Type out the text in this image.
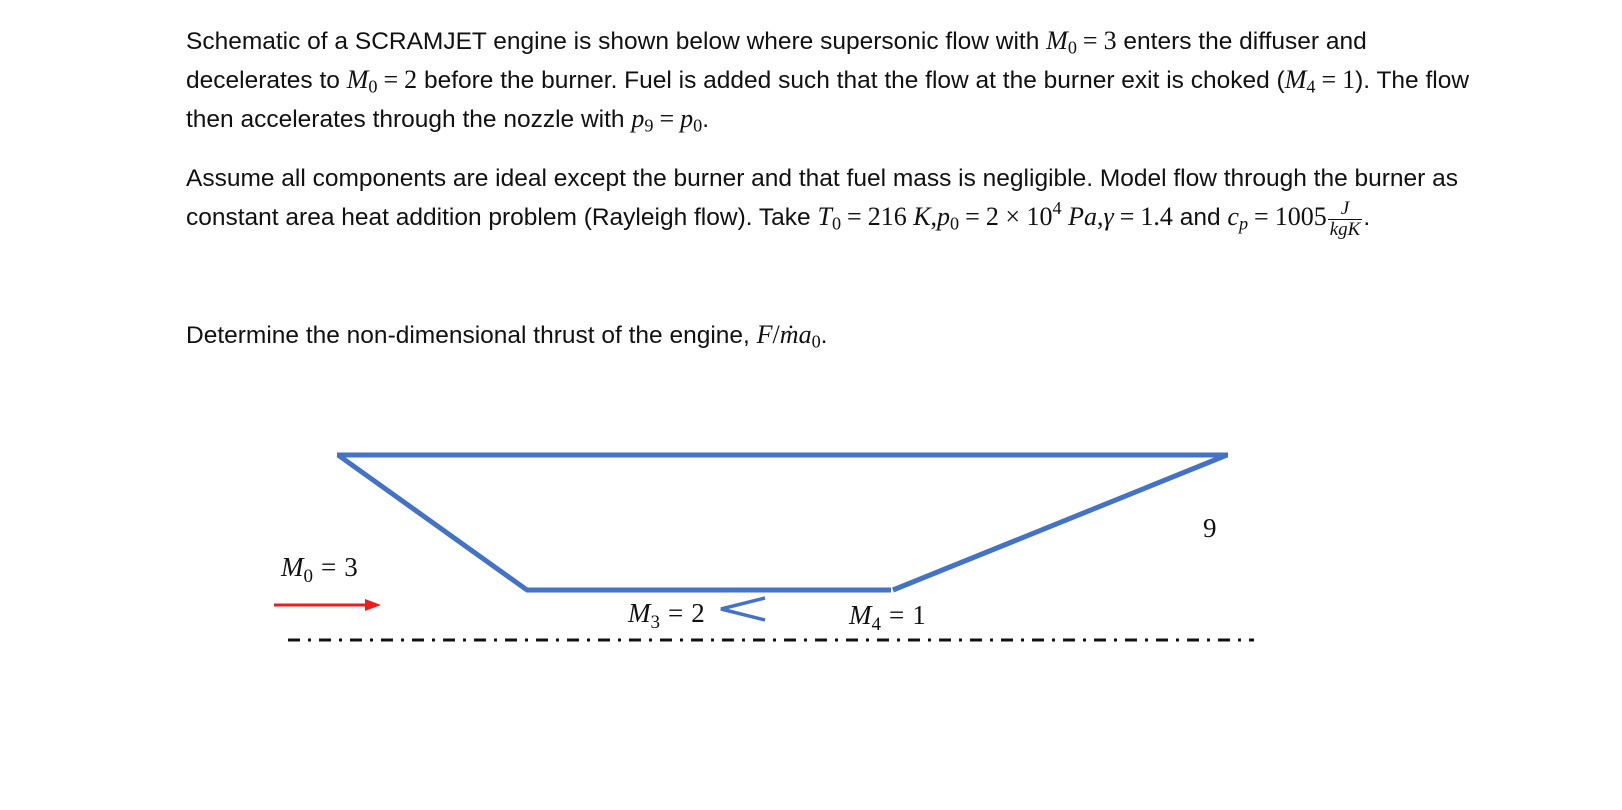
Schematic of a SCRAMJET engine is shown below where supersonic flow with $M_0 = 3$ enters the diffuser and decelerates to $M_0 = 2$ before the burner. Fuel is added such that the flow at the burner exit is choked $(M_4 = 1)$. The flow then accelerates through the nozzle with $p_9 = p_0$.

Assume all components are ideal except the burner and that fuel mass is negligible. Model flow through the burner as constant area heat addition problem (Rayleigh flow). Take $T_0 = 216$ $K,p_0 = 2 \times 10^4$ Pa,γ = 1.4 and $c_p = 1005 \frac{J}{\text{kgK}}$ .

Determine the non-dimensional thrust of the engine, F/ṁa$_0$.

$M_0 = 3$
$M_3 = 2$	$M_4 = 1$
9
